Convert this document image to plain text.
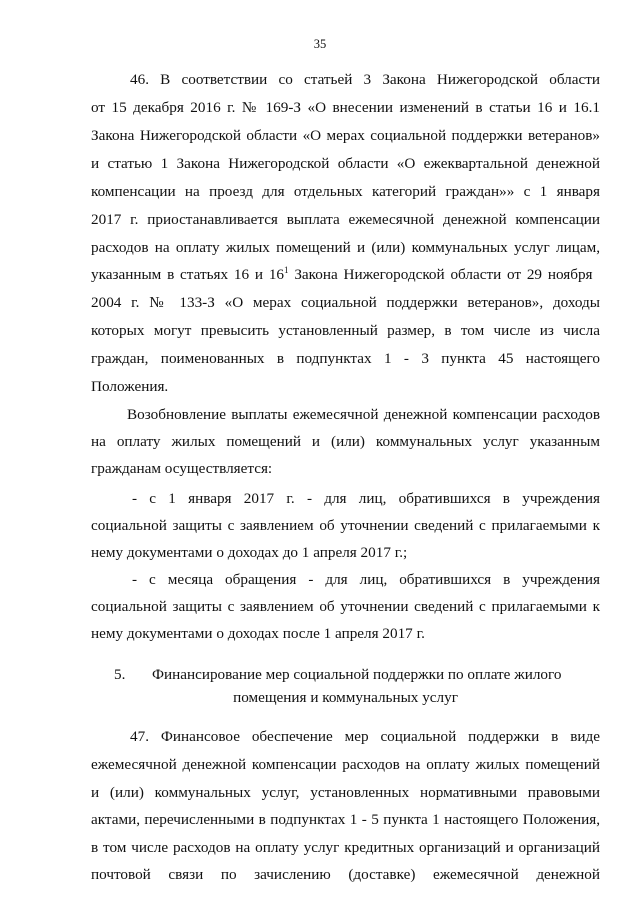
35
46. В соответствии со статьей 3 Закона Нижегородской области
от 15 декабря 2016 г. № 169-З «О внесении изменений в статьи 16 и 16.1
Закона Нижегородской области «О мерах социальной поддержки ветеранов»
и статью 1 Закона Нижегородской области «О ежеквартальной денежной
компенсации на проезд для отдельных категорий граждан»» с 1 января
2017 г. приостанавливается выплата ежемесячной денежной компенсации
расходов на оплату жилых помещений и (или) коммунальных услуг лицам,
указанным в статьях 16 и $16^1$ Закона Нижегородской области от 29 ноября
2004 г. № 133-З «О мерах социальной поддержки ветеранов», доходы
которых могут превысить установленный размер, в том числе из числа
граждан, поименованных в подпунктах 1 - 3 пункта 45 настоящего
Положения.
Возобновление выплаты ежемесячной денежной компенсации расходов
на оплату жилых помещений и (или) коммунальных услуг указанным
гражданам осуществляется:
- с 1 января 2017 г. - для лиц, обратившихся в учреждения
социальной защиты с заявлением об уточнении сведений с прилагаемыми к
нему документами о доходах до 1 апреля 2017 г.;
- с месяца обращения - для лиц, обратившихся в учреждения
социальной защиты с заявлением об уточнении сведений с прилагаемыми к
нему документами о доходах после 1 апреля 2017 г.
5.       Финансирование мер социальной поддержки по оплате жилого
помещения и коммунальных услуг
47. Финансовое обеспечение мер социальной поддержки в виде
ежемесячной денежной компенсации расходов на оплату жилых помещений
и (или) коммунальных услуг, установленных нормативными правовыми
актами, перечисленными в подпунктах 1 - 5 пункта 1 настоящего Положения,
в том числе расходов на оплату услуг кредитных организаций и организаций
почтовой связи по зачислению (доставке) ежемесячной денежной
